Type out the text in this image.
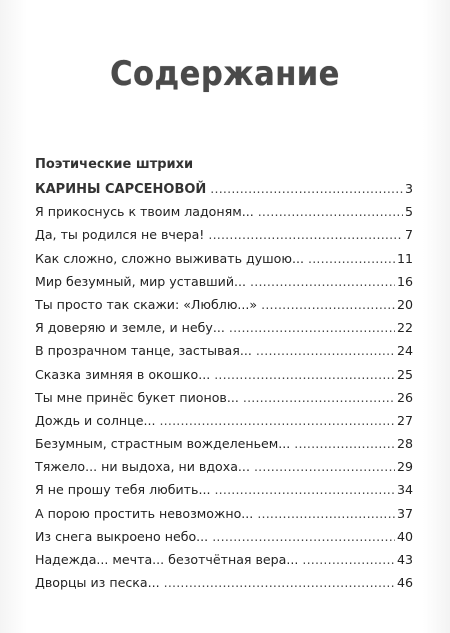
Содержание
Поэтические штрихи
КАРИНЫ САРСЕНОВОЙ .....	3
Я прикоснусь к твоим ладоням... .....	5
Да, ты родился не вчера! .....	7
Как сложно, сложно выживать душою... .....	11
Мир безумный, мир уставший... .....	16
Ты просто так скажи: «Люблю...» .....	20
Я доверяю и земле, и небу... .....	22
В прозрачном танце, застывая... .....	24
Сказка зимняя в окошко... .....	25
Ты мне принёс букет пионов... .....	26
Дождь и солнце... .....	27
Безумным, страстным вожделеньем... .....	28
Тяжело... ни выдоха, ни вдоха... .....	29
Я не прошу тебя любить... .....	34
А порою простить невозможно... .....	37
Из снега выкроено небо... .....	40
Надежда... мечта... безотчётная вера... .....	43
Дворцы из песка... .....	46
